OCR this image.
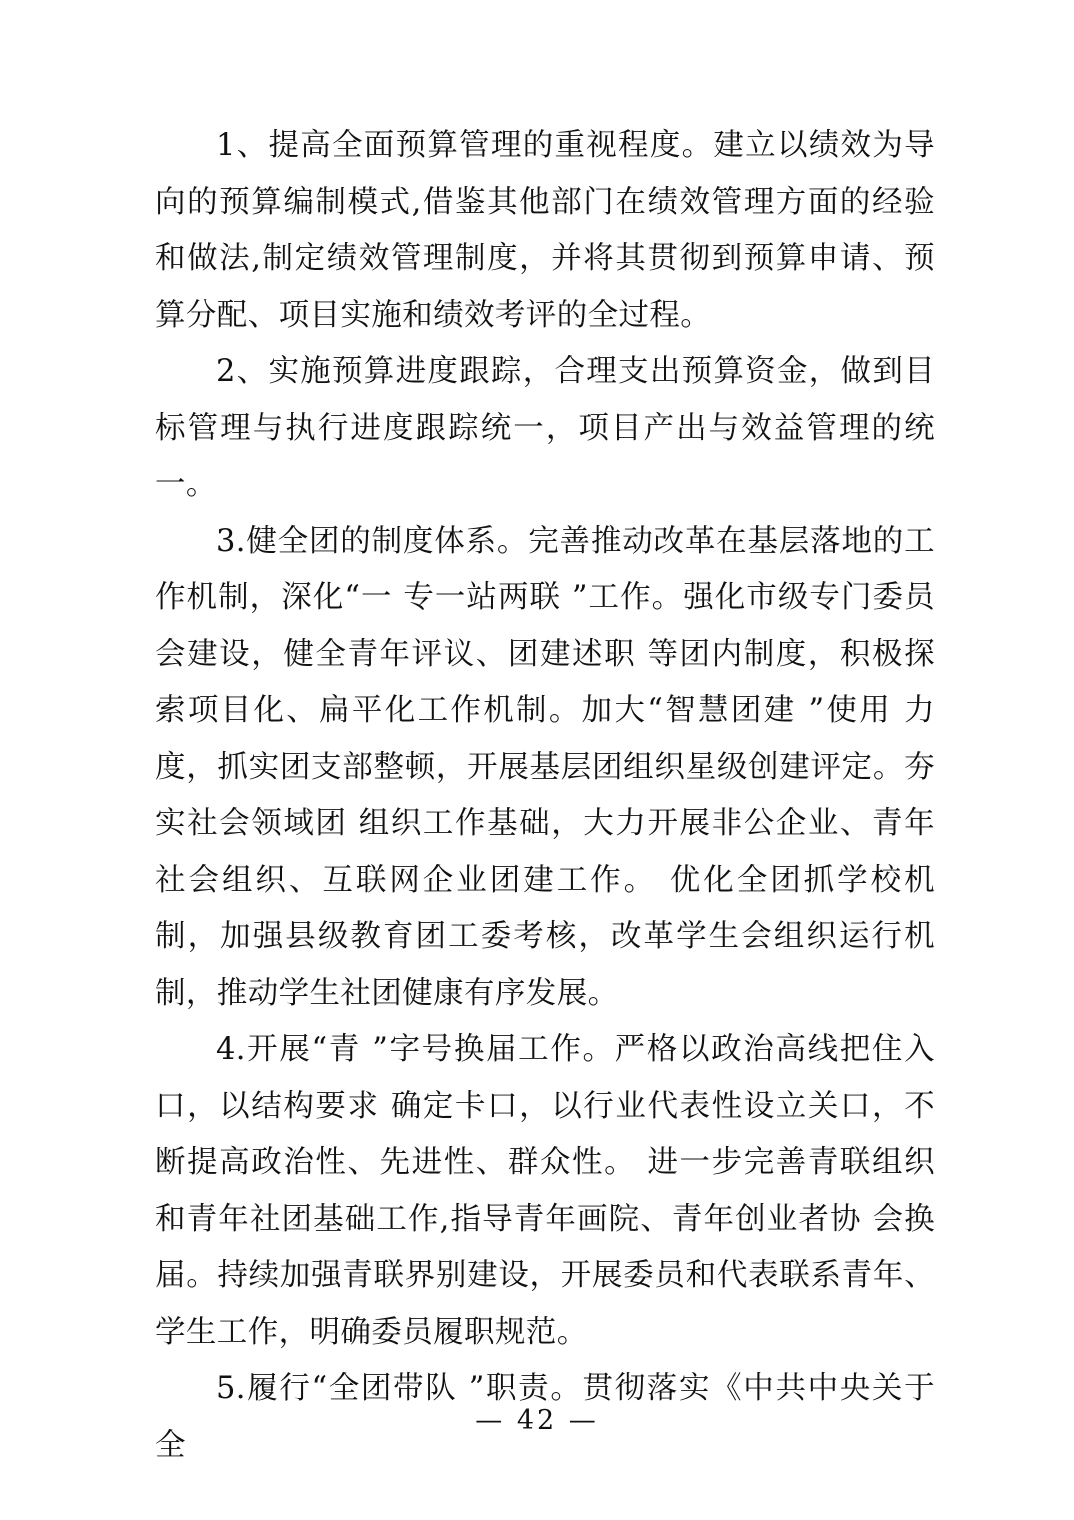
1、提高全面预算管理的重视程度。建立以绩效为导向的预算编制模式,借鉴其他部门在绩效管理方面的经验和做法,制定绩效管理制度，并将其贯彻到预算申请、预算分配、项目实施和绩效考评的全过程。

2、实施预算进度跟踪，合理支出预算资金，做到目标管理与执行进度跟踪统一，项目产出与效益管理的统一。

3.健全团的制度体系。完善推动改革在基层落地的工作机制，深化“一 专一站两联 ”工作。强化市级专门委员会建设，健全青年评议、团建述职 等团内制度，积极探索项目化、扁平化工作机制。加大“智慧团建 ”使用 力度，抓实团支部整顿，开展基层团组织星级创建评定。夯实社会领域团 组织工作基础，大力开展非公企业、青年社会组织、互联网企业团建工作。 优化全团抓学校机制，加强县级教育团工委考核，改革学生会组织运行机制，推动学生社团健康有序发展。

4.开展“青 ”字号换届工作。严格以政治高线把住入口，以结构要求 确定卡口，以行业代表性设立关口，不断提高政治性、先进性、群众性。 进一步完善青联组织和青年社团基础工作,指导青年画院、青年创业者协 会换届。持续加强青联界别建设，开展委员和代表联系青年、学生工作，明确委员履职规范。

5.履行“全团带队 ”职责。贯彻落实《中共中央关于全

— 42 —
